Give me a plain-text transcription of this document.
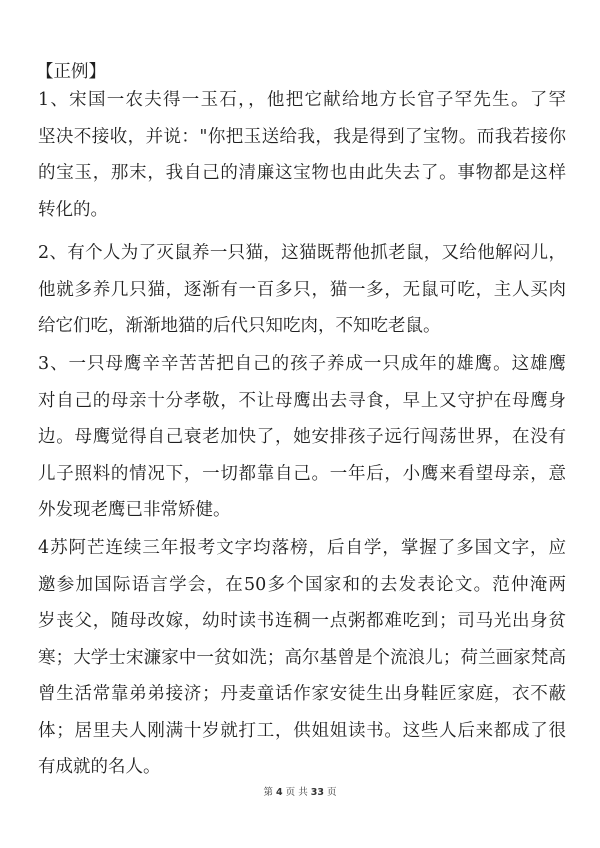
【正例】
1、宋国一农夫得一玉石，，他把它献给地方长官子罕先生。了罕
坚决不接收，并说："你把玉送给我，我是得到了宝物。而我若接你
的宝玉，那末，我自己的清廉这宝物也由此失去了。事物都是这样
转化的。
2、有个人为了灭鼠养一只猫，这猫既帮他抓老鼠，又给他解闷儿，
他就多养几只猫，逐渐有一百多只，猫一多，无鼠可吃，主人买肉
给它们吃，渐渐地猫的后代只知吃肉，不知吃老鼠。
3、一只母鹰辛辛苦苦把自己的孩子养成一只成年的雄鹰。这雄鹰
对自己的母亲十分孝敬，不让母鹰出去寻食，早上又守护在母鹰身
边。母鹰觉得自己衰老加快了，她安排孩子远行闯荡世界，在没有
儿子照料的情况下，一切都靠自己。一年后，小鹰来看望母亲，意
外发现老鹰已非常矫健。
4苏阿芒连续三年报考文字均落榜，后自学，掌握了多国文字，应
邀参加国际语言学会，在50多个国家和的去发表论文。范仲淹两
岁丧父，随母改嫁，幼时读书连稠一点粥都难吃到；司马光出身贫
寒；大学士宋濂家中一贫如洗；高尔基曾是个流浪儿；荷兰画家梵高
曾生活常靠弟弟接济；丹麦童话作家安徒生出身鞋匠家庭，衣不蔽
体；居里夫人刚满十岁就打工，供姐姐读书。这些人后来都成了很
有成就的名人。
第 4 页 共 33 页
